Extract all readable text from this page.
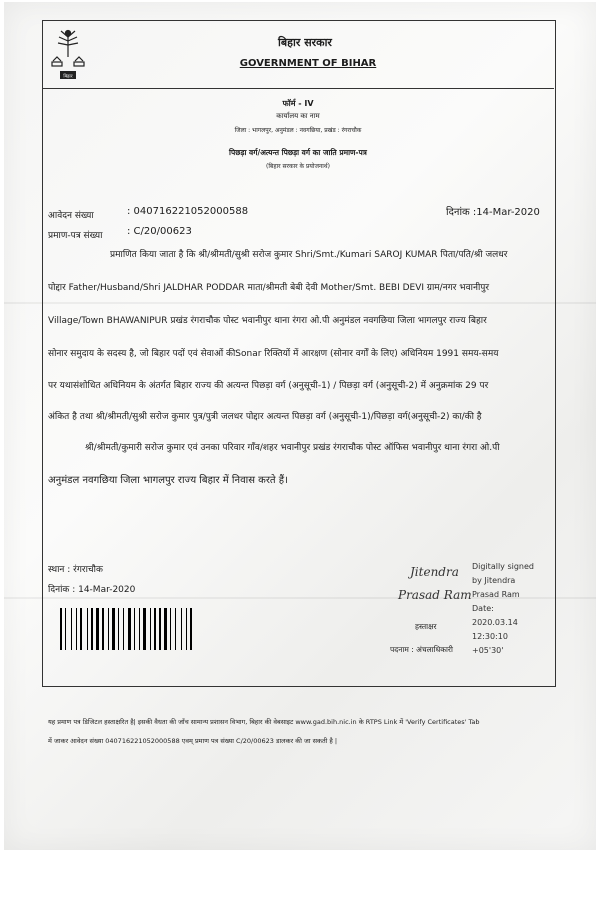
बिहार
बिहार सरकार
GOVERNMENT OF BIHAR
फॉर्म - IV
कार्यालय का नाम
जिला : भागलपुर, अनुमंडल : नवगछिया, प्रखंड : रंगराचौक
पिछड़ा वर्ग/अत्यन्त पिछड़ा वर्ग का जाति प्रमाण-पत्र
(बिहार सरकार के प्रयोजनार्थ)
आवेदन संख्या	: 040716221052000588	दिनांक :14-Mar-2020
प्रमाण-पत्र संख्या : C/20/00623
प्रमाणित किया जाता है कि श्री/श्रीमती/सुश्री सरोज कुमार Shri/Smt./Kumari SAROJ KUMAR पिता/पति/श्री जलधर
पोद्दार Father/Husband/Shri JALDHAR PODDAR माता/श्रीमती बेबी देवी Mother/Smt. BEBI DEVI ग्राम/नगर भवानीपुर
Village/Town BHAWANIPUR प्रखंड रंगराचौक पोस्ट भवानीपुर थाना रंगरा ओ.पी अनुमंडल नवगछिया जिला भागलपुर राज्य बिहार
सोनार समुदाय के सदस्य है, जो बिहार पदों एवं सेवाओं कीSonar रिक्तियों में आरक्षण (सोनार वर्गों के लिए) अधिनियम 1991 समय-समय
पर यथासंशोधित अधिनियम के अंतर्गत बिहार राज्य की अत्यन्त पिछड़ा वर्ग (अनुसूची-1) / पिछड़ा वर्ग (अनुसूची-2) में अनुक्रमांक 29 पर
अंकित है तथा श्री/श्रीमती/सुश्री सरोज कुमार पुत्र/पुत्री जलधर पोद्दार अत्यन्त पिछड़ा वर्ग (अनुसूची-1)/पिछड़ा वर्ग(अनुसूची-2) का/की है
श्री/श्रीमती/कुमारी सरोज कुमार एवं उनका परिवार गाँव/शहर भवानीपुर प्रखंड रंगराचौक पोस्ट ऑफिस भवानीपुर थाना रंगरा ओ.पी
अनुमंडल नवगछिया जिला भागलपुर राज्य बिहार में निवास करते हैं।
स्थान : रंगराचौक
दिनांक : 14-Mar-2020
Jitendra
Prasad Ram
Digitally signed
by Jitendra
Prasad Ram
Date:
2020.03.14
12:30:10
+05'30'
हस्ताक्षर
पदनाम : अंचलाधिकारी
यह प्रमाण पत्र डिजिटल हस्ताक्षरित है| इसकी वैधता की जाँच सामान्य प्रशासन विभाग, बिहार की वेबसाइट www.gad.bih.nic.in के RTPS Link में 'Verify Certificates' Tab
में जाकर आवेदन संख्या 040716221052000588 एवम् प्रमाण पत्र संख्या C/20/00623 डालकर की जा सकती है |
